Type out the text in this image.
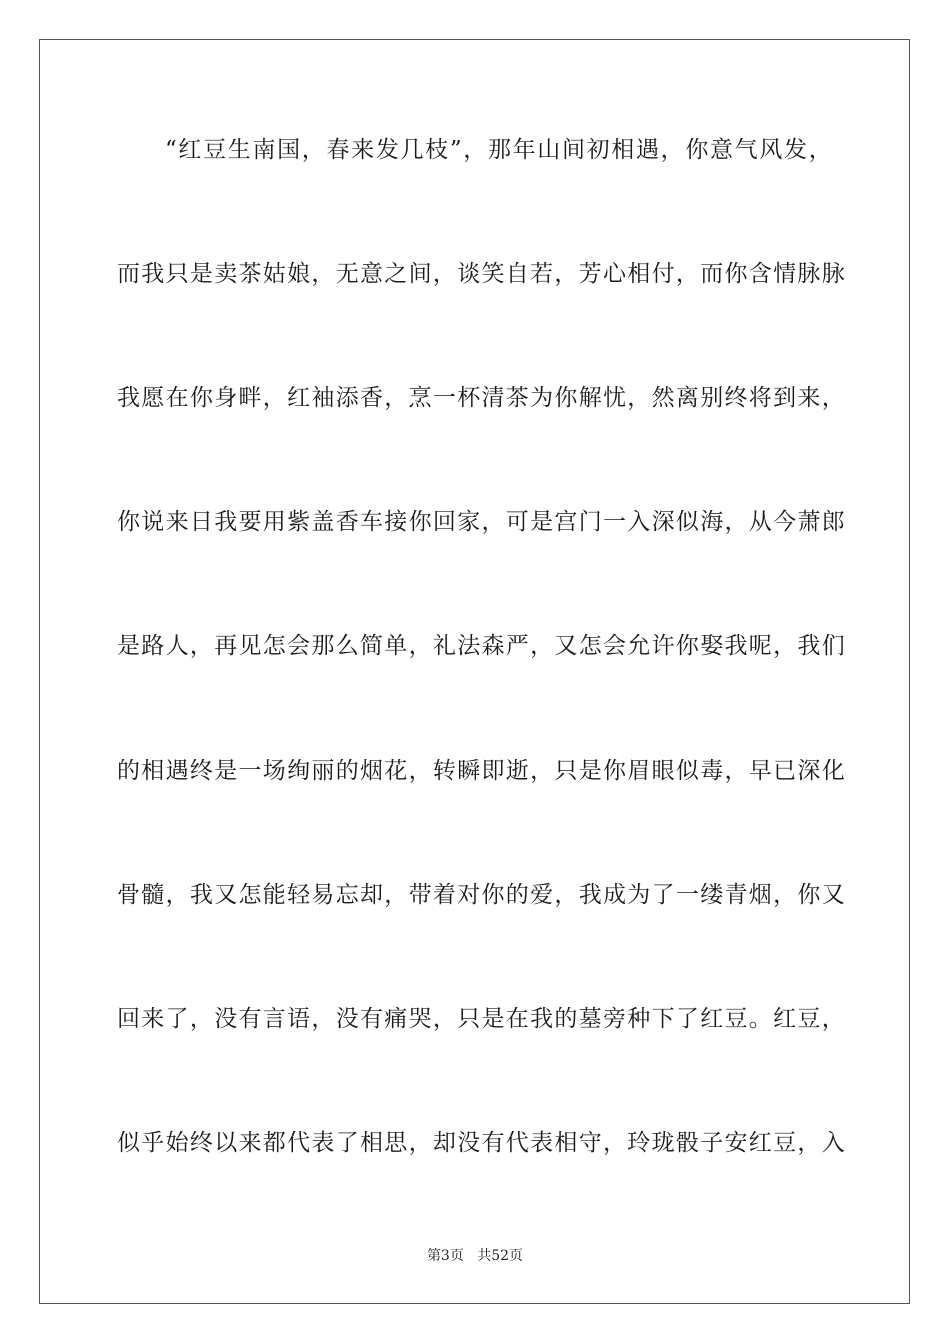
“红豆生南国，春来发几枝”，那年山间初相遇，你意气风发，
而我只是卖茶姑娘，无意之间，谈笑自若，芳心相付，而你含情脉脉
我愿在你身畔，红袖添香，烹一杯清茶为你解忧，然离别终将到来，
你说来日我要用紫盖香车接你回家，可是宫门一入深似海，从今萧郎
是路人，再见怎会那么简单，礼法森严，又怎会允许你娶我呢，我们
的相遇终是一场绚丽的烟花，转瞬即逝，只是你眉眼似毒，早已深化
骨髓，我又怎能轻易忘却，带着对你的爱，我成为了一缕青烟，你又
回来了，没有言语，没有痛哭，只是在我的墓旁种下了红豆。红豆，
似乎始终以来都代表了相思，却没有代表相守，玲珑骰子安红豆，入
第3页 共52页
